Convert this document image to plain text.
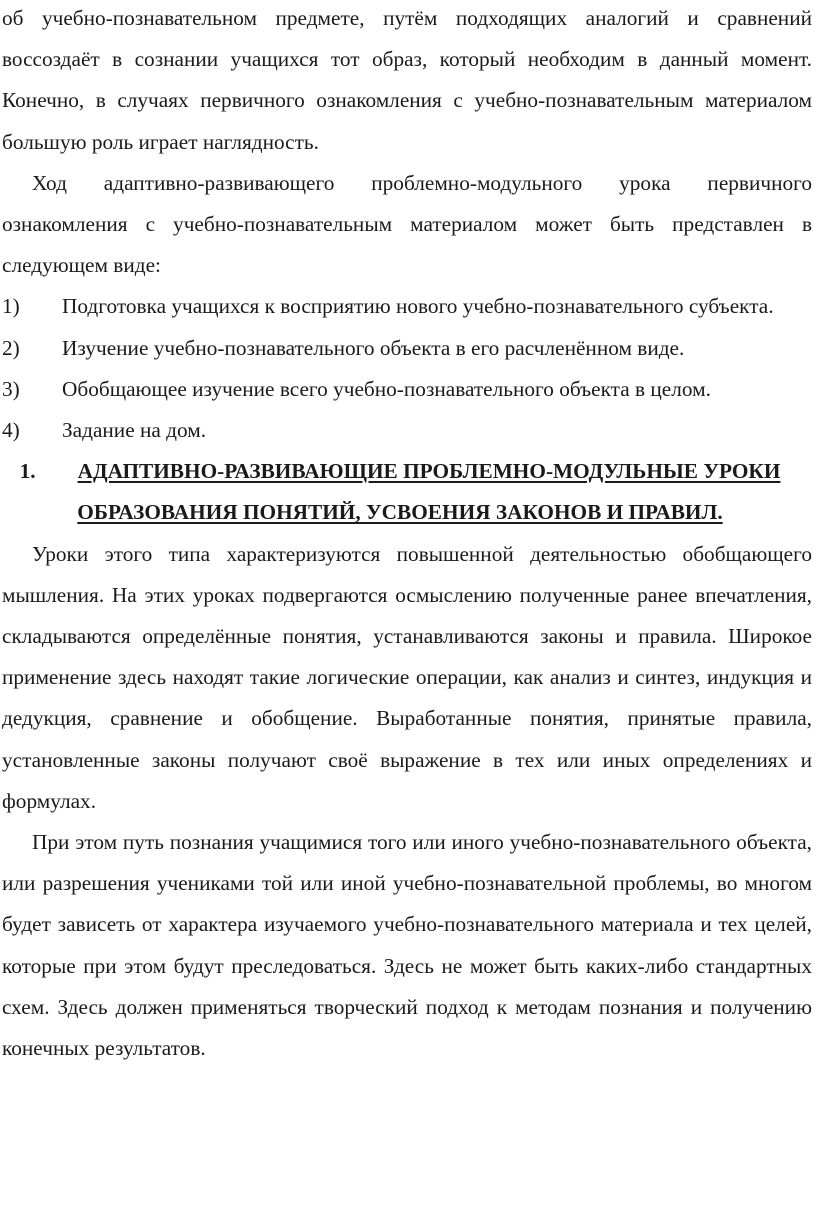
об учебно-познавательном предмете, путём подходящих аналогий и сравнений воссоздаёт в сознании учащихся тот образ, который необходим в данный момент. Конечно, в случаях первичного ознакомления с учебно-познавательным материалом большую роль играет наглядность.

Ход адаптивно-развивающего проблемно-модульного урока первичного ознакомления с учебно-познавательным материалом может быть представлен в следующем виде:

1) Подготовка учащихся к восприятию нового учебно-познавательного субъекта.
2)	Изучение учебно-познавательного объекта в его расчленённом виде.
3)	Обобщающее изучение всего учебно-познавательного объекта в целом.
4)	Задание на дом.
1. АДАПТИВНО-РАЗВИВАЮЩИЕ ПРОБЛЕМНО-МОДУЛЬНЫЕ УРОКИ ОБРАЗОВАНИЯ ПОНЯТИЙ, УСВОЕНИЯ ЗАКОНОВ И ПРАВИЛ.

Уроки этого типа характеризуются повышенной деятельностью обобщающего мышления. На этих уроках подвергаются осмыслению полученные ранее впечатления, складываются определённые понятия, устанавливаются законы и правила. Широкое применение здесь находят такие логические операции, как анализ и синтез, индукция и дедукция, сравнение и обобщение. Выработанные понятия, принятые правила, установленные законы получают своё выражение в тех или иных определениях и формулах.

При этом путь познания учащимися того или иного учебно-познавательного объекта, или разрешения учениками той или иной учебно-познавательной проблемы, во многом будет зависеть от характера изучаемого учебно-познавательного материала и тех целей, которые при этом будут преследоваться. Здесь не может быть каких-либо стандартных схем. Здесь должен применяться творческий подход к методам познания и получению конечных результатов.
